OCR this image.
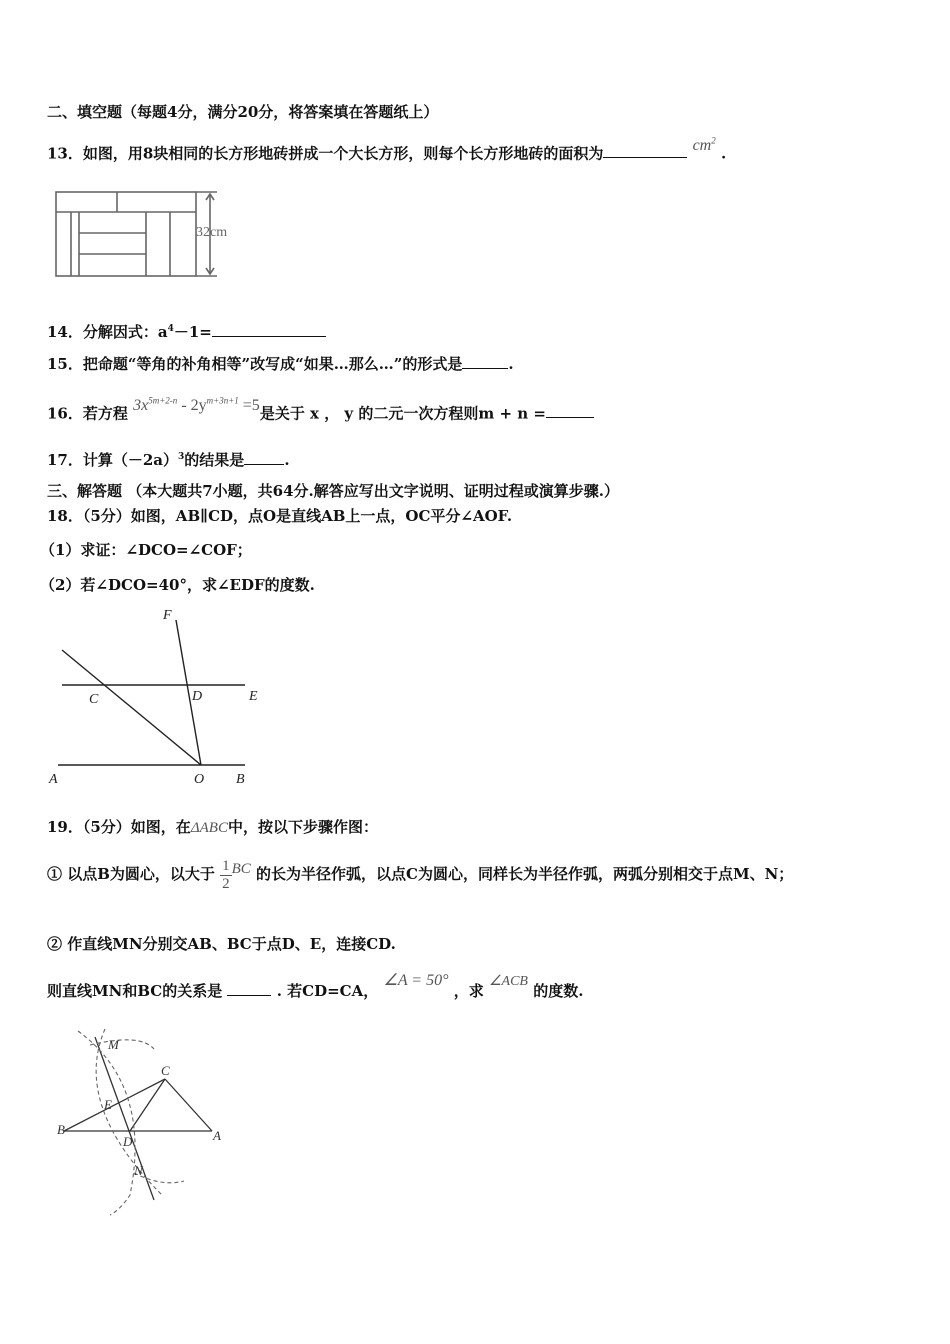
二、填空题（每题4分，满分20分，将答案填在答题纸上）
13．如图，用8块相同的长方形地砖拼成一个大长方形，则每个长方形地砖的面积为	$cm^2$ .
32cm
14．分解因式：$a^4-1=$
15．把命题“等角的补角相等”改写成“如果…那么…”的形式是	.
16．若方程 $3x^{5m+2-n} - 2y^{m+3n+1} =5$是关于 x ， y 的二元一次方程则m + n =
17．计算$(-2a)^3$的结果是	.
三、解答题 （本大题共7小题，共64分.解答应写出文字说明、证明过程或演算步骤.）
18．（5分）如图，AB∥CD，点O是直线AB上一点，OC平分∠AOF.
（1）求证：∠DCO=∠COF；
（2）若∠DCO=40°，求∠EDF的度数.
F
C	D	E
A	O B
19．（5分）如图，在ΔABC中，按以下步骤作图：
① 以点B为圆心，以大于 $\frac{1}{2}$ BC 的长为半径作弧，以点C为圆心，同样长为半径作弧，两弧分别相交于点M、N；
② 作直线MN分别交AB、BC于点D、E，连接CD.
则直线MN和BC的关系是	. 若CD=CA， ∠A = 50° ，求 ∠ACB 的度数.
M
C
E
B
D	A
N
